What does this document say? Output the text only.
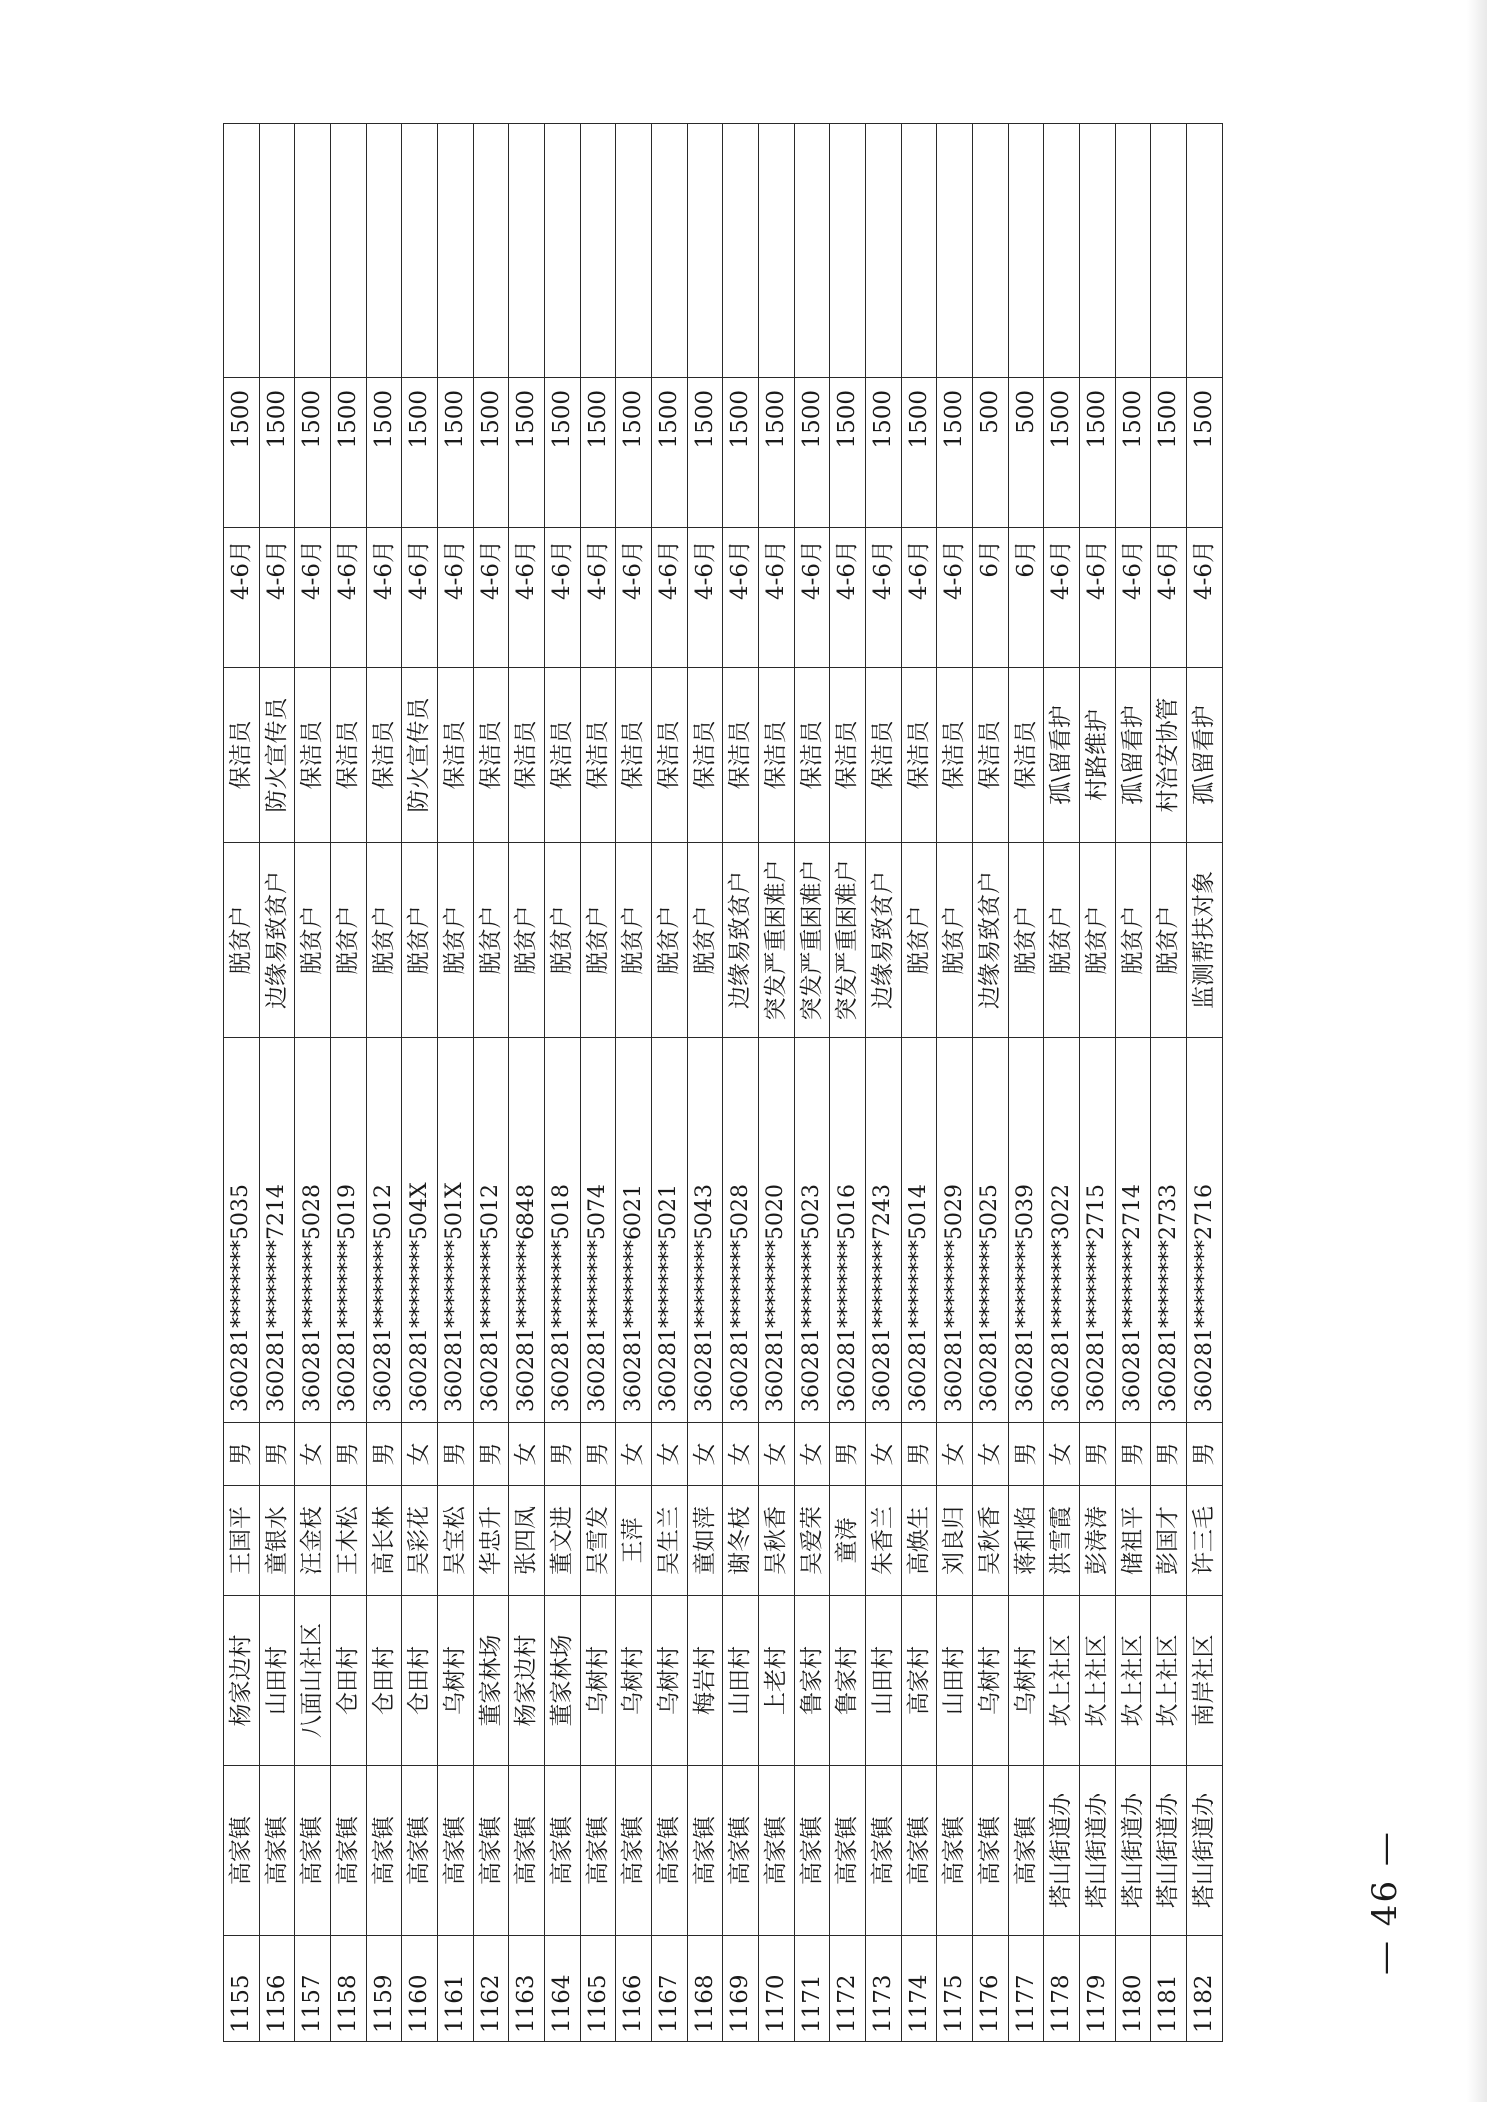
1155	高家镇	杨家边村	王国平	男	360281********5035	脱贫户	保洁员	4-6月	1500	
1156	高家镇	山田村	童银水	男	360281********7214	边缘易致贫户	防火宣传员	4-6月	1500	
1157	高家镇	八面山社区	汪金枝	女	360281********5028	脱贫户	保洁员	4-6月	1500	
1158	高家镇	仓田村	王木松	男	360281********5019	脱贫户	保洁员	4-6月	1500	
1159	高家镇	仓田村	高长林	男	360281********5012	脱贫户	保洁员	4-6月	1500	
1160	高家镇	仓田村	吴彩花	女	360281********504X	脱贫户	防火宣传员	4-6月	1500	
1161	高家镇	乌树村	吴宝松	男	360281********501X	脱贫户	保洁员	4-6月	1500	
1162	高家镇	董家林场	华忠升	男	360281********5012	脱贫户	保洁员	4-6月	1500	
1163	高家镇	杨家边村	张四凤	女	360281********6848	脱贫户	保洁员	4-6月	1500	
1164	高家镇	董家林场	董文进	男	360281********5018	脱贫户	保洁员	4-6月	1500	
1165	高家镇	乌树村	吴雪发	男	360281********5074	脱贫户	保洁员	4-6月	1500	
1166	高家镇	乌树村	王萍	女	360281********6021	脱贫户	保洁员	4-6月	1500	
1167	高家镇	乌树村	吴生兰	女	360281********5021	脱贫户	保洁员	4-6月	1500	
1168	高家镇	梅岩村	童如萍	女	360281********5043	脱贫户	保洁员	4-6月	1500	
1169	高家镇	山田村	谢冬枝	女	360281********5028	边缘易致贫户	保洁员	4-6月	1500	
1170	高家镇	上老村	吴秋香	女	360281********5020	突发严重困难户	保洁员	4-6月	1500	
1171	高家镇	鲁家村	吴爱荣	女	360281********5023	突发严重困难户	保洁员	4-6月	1500	
1172	高家镇	鲁家村	童涛	男	360281********5016	突发严重困难户	保洁员	4-6月	1500	
1173	高家镇	山田村	朱香兰	女	360281********7243	边缘易致贫户	保洁员	4-6月	1500	
1174	高家镇	高家村	高焕生	男	360281********5014	脱贫户	保洁员	4-6月	1500	
1175	高家镇	山田村	刘良归	女	360281********5029	脱贫户	保洁员	4-6月	1500	
1176	高家镇	乌树村	吴秋香	女	360281********5025	边缘易致贫户	保洁员	6月	500	
1177	高家镇	乌树村	蒋和焰	男	360281********5039	脱贫户	保洁员	6月	500	
1178	塔山街道办	坎上社区	洪雪霞	女	360281********3022	脱贫户	孤\留看护	4-6月	1500	
1179	塔山街道办	坎上社区	彭涛涛	男	360281********2715	脱贫户	村路维护	4-6月	1500	
1180	塔山街道办	坎上社区	储祖平	男	360281********2714	脱贫户	孤\留看护	4-6月	1500	
1181	塔山街道办	坎上社区	彭国才	男	360281********2733	脱贫户	村治安协管	4-6月	1500	
1182	塔山街道办	南岸社区	许三毛	男	360281********2716	监测帮扶对象	孤\留看护	4-6月	1500	
— 46 —
